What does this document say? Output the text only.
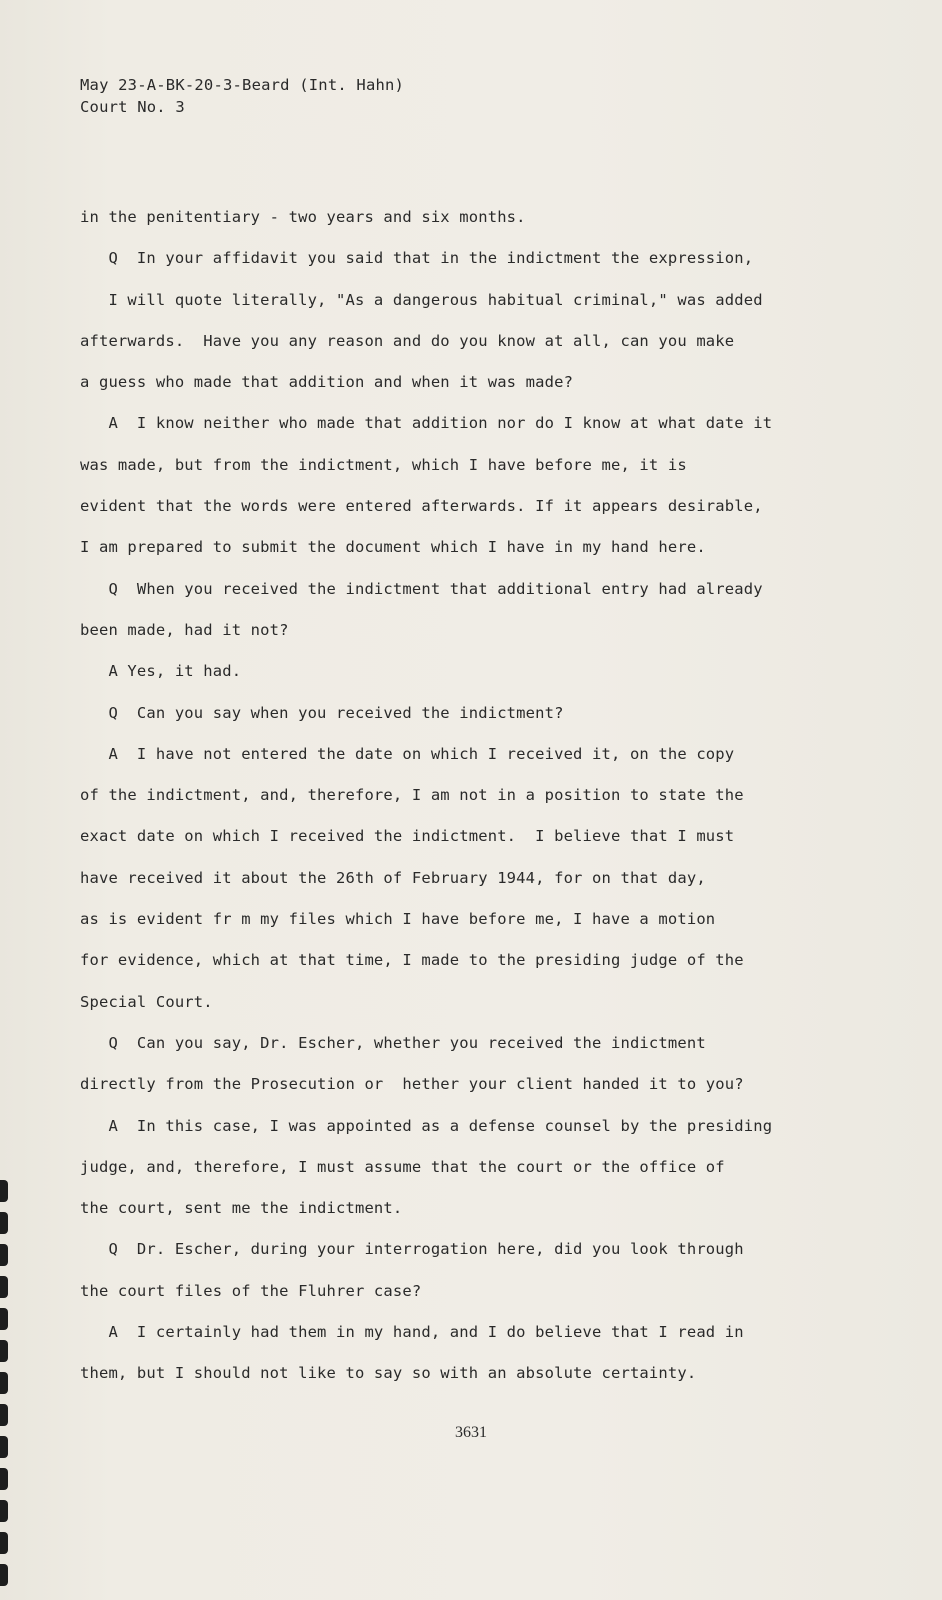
May 23-A-BK-20-3-Beard (Int. Hahn)
Court No. 3
in the penitentiary - two years and six months.
Q  In your affidavit you said that in the indictment the expression,
I will quote literally, "As a dangerous habitual criminal," was added
afterwards.  Have you any reason and do you know at all, can you make
a guess who made that addition and when it was made?
A  I know neither who made that addition nor do I know at what date it
was made, but from the indictment, which I have before me, it is
evident that the words were entered afterwards. If it appears desirable,
I am prepared to submit the document which I have in my hand here.
Q  When you received the indictment that additional entry had already
been made, had it not?
A Yes, it had.
Q  Can you say when you received the indictment?
A  I have not entered the date on which I received it, on the copy
of the indictment, and, therefore, I am not in a position to state the
exact date on which I received the indictment.  I believe that I must
have received it about the 26th of February 1944, for on that day,
as is evident fr m my files which I have before me, I have a motion
for evidence, which at that time, I made to the presiding judge of the
Special Court.
Q  Can you say, Dr. Escher, whether you received the indictment
directly from the Prosecution or  hether your client handed it to you?
A  In this case, I was appointed as a defense counsel by the presiding
judge, and, therefore, I must assume that the court or the office of
the court, sent me the indictment.
Q  Dr. Escher, during your interrogation here, did you look through
the court files of the Fluhrer case?
A  I certainly had them in my hand, and I do believe that I read in
them, but I should not like to say so with an absolute certainty.
3631
